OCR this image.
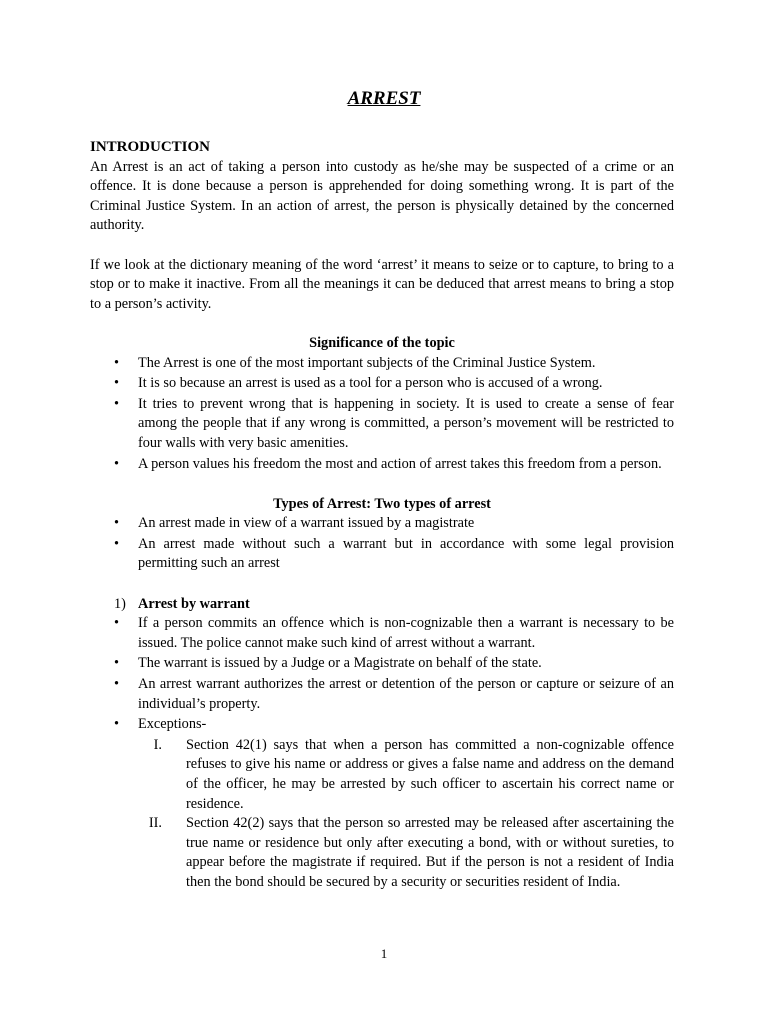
ARREST
INTRODUCTION

An Arrest is an act of taking a person into custody as he/she may be suspected of a crime or an offence. It is done because a person is apprehended for doing something wrong. It is part of the Criminal Justice System. In an action of arrest, the person is physically detained by the concerned authority.

If we look at the dictionary meaning of the word ‘arrest’ it means to seize or to capture, to bring to a stop or to make it inactive. From all the meanings it can be deduced that arrest means to bring a stop to a person’s activity.

Significance of the topic
• The Arrest is one of the most important subjects of the Criminal Justice System.
• It is so because an arrest is used as a tool for a person who is accused of a wrong.
• It tries to prevent wrong that is happening in society. It is used to create a sense of fear among the people that if any wrong is committed, a person’s movement will be restricted to four walls with very basic amenities.
• A person values his freedom the most and action of arrest takes this freedom from a person.
Types of Arrest: Two types of arrest
• An arrest made in view of a warrant issued by a magistrate
• An arrest made without such a warrant but in accordance with some legal provision permitting such an arrest
1) Arrest by warrant
• If a person commits an offence which is non-cognizable then a warrant is necessary to be issued. The police cannot make such kind of arrest without a warrant.
• The warrant is issued by a Judge or a Magistrate on behalf of the state.
• An arrest warrant authorizes the arrest or detention of the person or capture or seizure of an individual’s property.
• Exceptions-
I. Section 42(1) says that when a person has committed a non-cognizable offence refuses to give his name or address or gives a false name and address on the demand of the officer, he may be arrested by such officer to ascertain his correct name or residence.
II. Section 42(2) says that the person so arrested may be released after ascertaining the true name or residence but only after executing a bond, with or without sureties, to appear before the magistrate if required. But if the person is not a resident of India then the bond should be secured by a security or securities resident of India.
1
